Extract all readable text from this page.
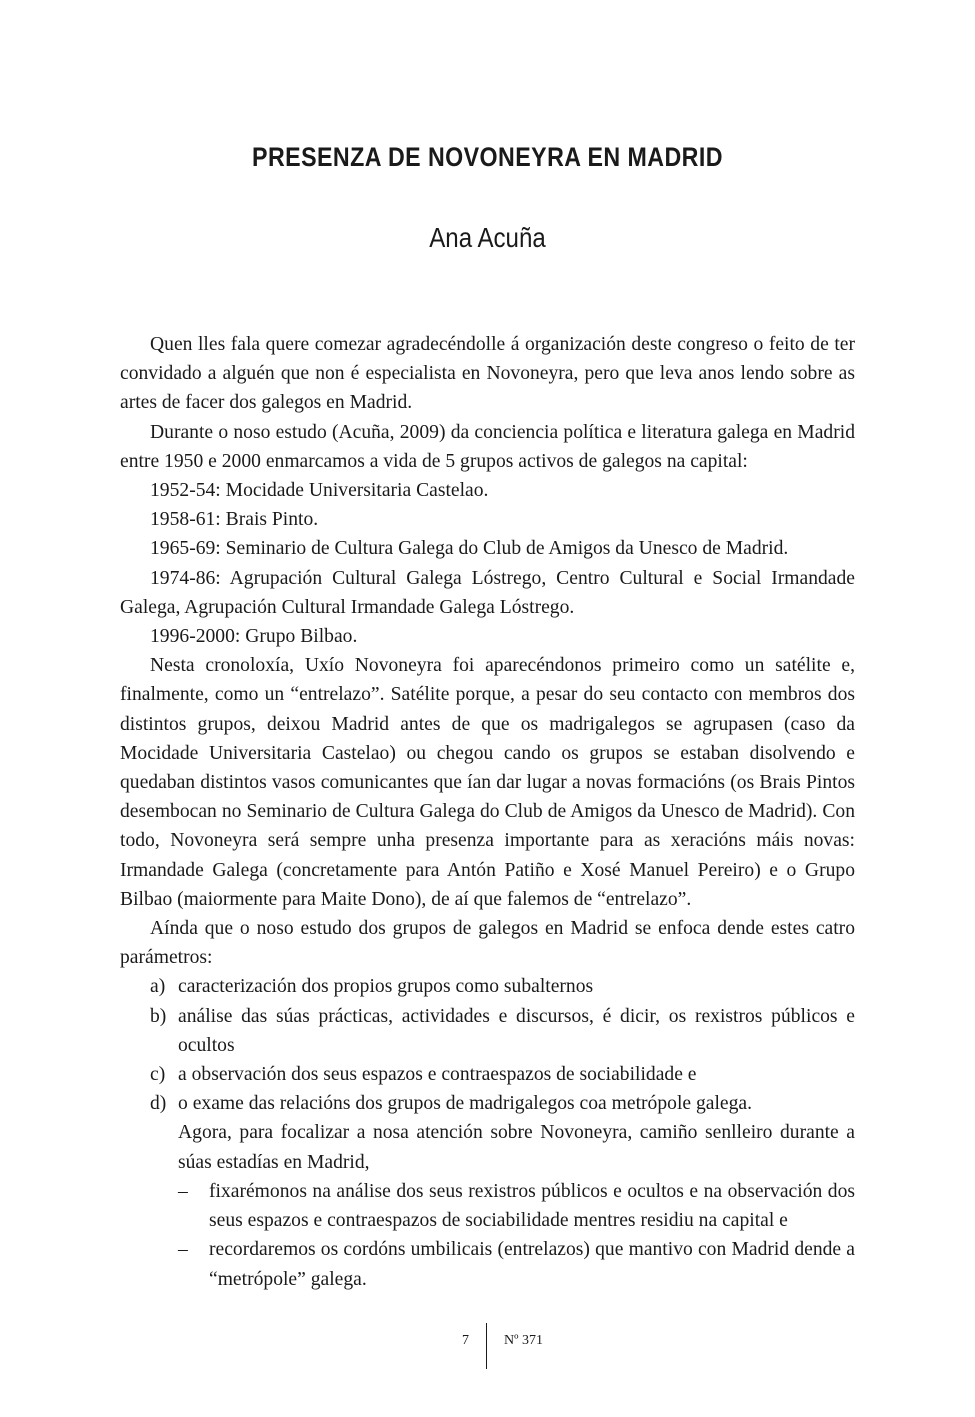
PRESENZA DE NOVONEYRA EN MADRID
Ana Acuña

Quen lles fala quere comezar agradecéndolle á organización deste congreso o feito de ter convidado a alguén que non é especialista en Novoneyra, pero que leva anos lendo sobre as artes de facer dos galegos en Madrid.

Durante o noso estudo (Acuña, 2009) da conciencia política e literatura galega en Madrid entre 1950 e 2000 enmarcamos a vida de 5 grupos activos de galegos na capital:

1952-54: Mocidade Universitaria Castelao.

1958-61: Brais Pinto.

1965-69: Seminario de Cultura Galega do Club de Amigos da Unesco de Madrid.

1974-86: Agrupación Cultural Galega Lóstrego, Centro Cultural e Social Irmandade Galega, Agrupación Cultural Irmandade Galega Lóstrego.

1996-2000: Grupo Bilbao.

Nesta cronoloxía, Uxío Novoneyra foi aparecéndonos primeiro como un satélite e, finalmente, como un “entrelazo”. Satélite porque, a pesar do seu contacto con membros dos distintos grupos, deixou Madrid antes de que os madrigalegos se agrupasen (caso da Mocidade Universitaria Castelao) ou chegou cando os grupos se estaban disolvendo e quedaban distintos vasos comunicantes que ían dar lugar a novas formacións (os Brais Pintos desembocan no Seminario de Cultura Galega do Club de Amigos da Unesco de Madrid). Con todo, Novoneyra será sempre unha presenza importante para as xeracións máis novas: Irmandade Galega (concretamente para Antón Patiño e Xosé Manuel Pereiro) e o Grupo Bilbao (maiormente para Maite Dono), de aí que falemos de “entrelazo”.

Aínda que o noso estudo dos grupos de galegos en Madrid se enfoca dende estes catro parámetros:

a) caracterización dos propios grupos como subalternos

b) análise das súas prácticas, actividades e discursos, é dicir, os rexistros públicos e ocultos

c) a observación dos seus espazos e contraespazos de sociabilidade e

d) o exame das relacións dos grupos de madrigalegos coa metrópole galega.

Agora, para focalizar a nosa atención sobre Novoneyra, camiño senlleiro durante a súas estadías en Madrid,

– fixarémonos na análise dos seus rexistros públicos e ocultos e na observación dos seus espazos e contraespazos de sociabilidade mentres residiu na capital e

– recordaremos os cordóns umbilicais (entrelazos) que mantivo con Madrid dende a “metrópole” galega.

7	Nº 371
